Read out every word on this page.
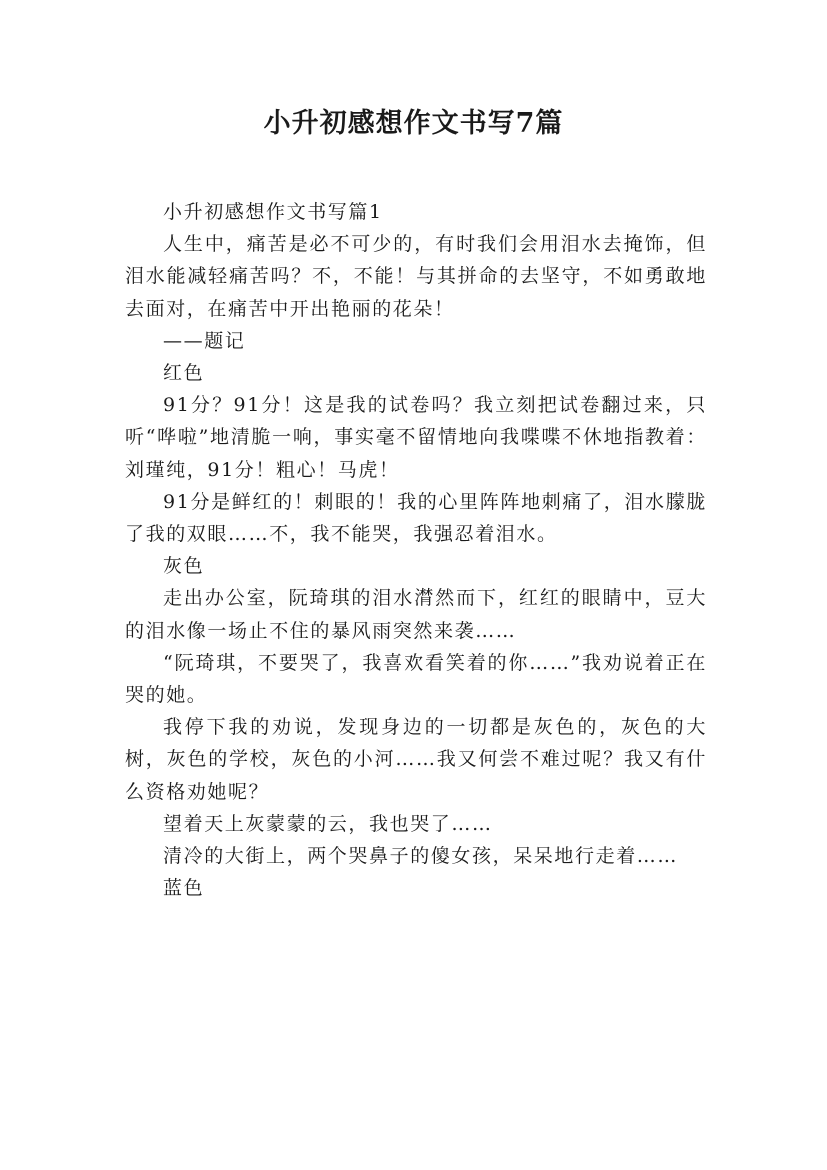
小升初感想作文书写7篇

小升初感想作文书写篇1

人生中，痛苦是必不可少的，有时我们会用泪水去掩饰，但泪水能减轻痛苦吗？不，不能！与其拼命的去坚守，不如勇敢地去面对，在痛苦中开出艳丽的花朵！

——题记

红色

91分？91分！这是我的试卷吗？我立刻把试卷翻过来，只听“哗啦”地清脆一响，事实毫不留情地向我喋喋不休地指教着：刘瑾纯，91分！粗心！马虎！

91分是鲜红的！刺眼的！我的心里阵阵地刺痛了，泪水朦胧了我的双眼……不，我不能哭，我强忍着泪水。

灰色

走出办公室，阮琦琪的泪水潸然而下，红红的眼睛中，豆大的泪水像一场止不住的暴风雨突然来袭……

“阮琦琪，不要哭了，我喜欢看笑着的你……”我劝说着正在哭的她。

我停下我的劝说，发现身边的一切都是灰色的，灰色的大树，灰色的学校，灰色的小河……我又何尝不难过呢？我又有什么资格劝她呢？

望着天上灰蒙蒙的云，我也哭了……

清冷的大街上，两个哭鼻子的傻女孩，呆呆地行走着……

蓝色
